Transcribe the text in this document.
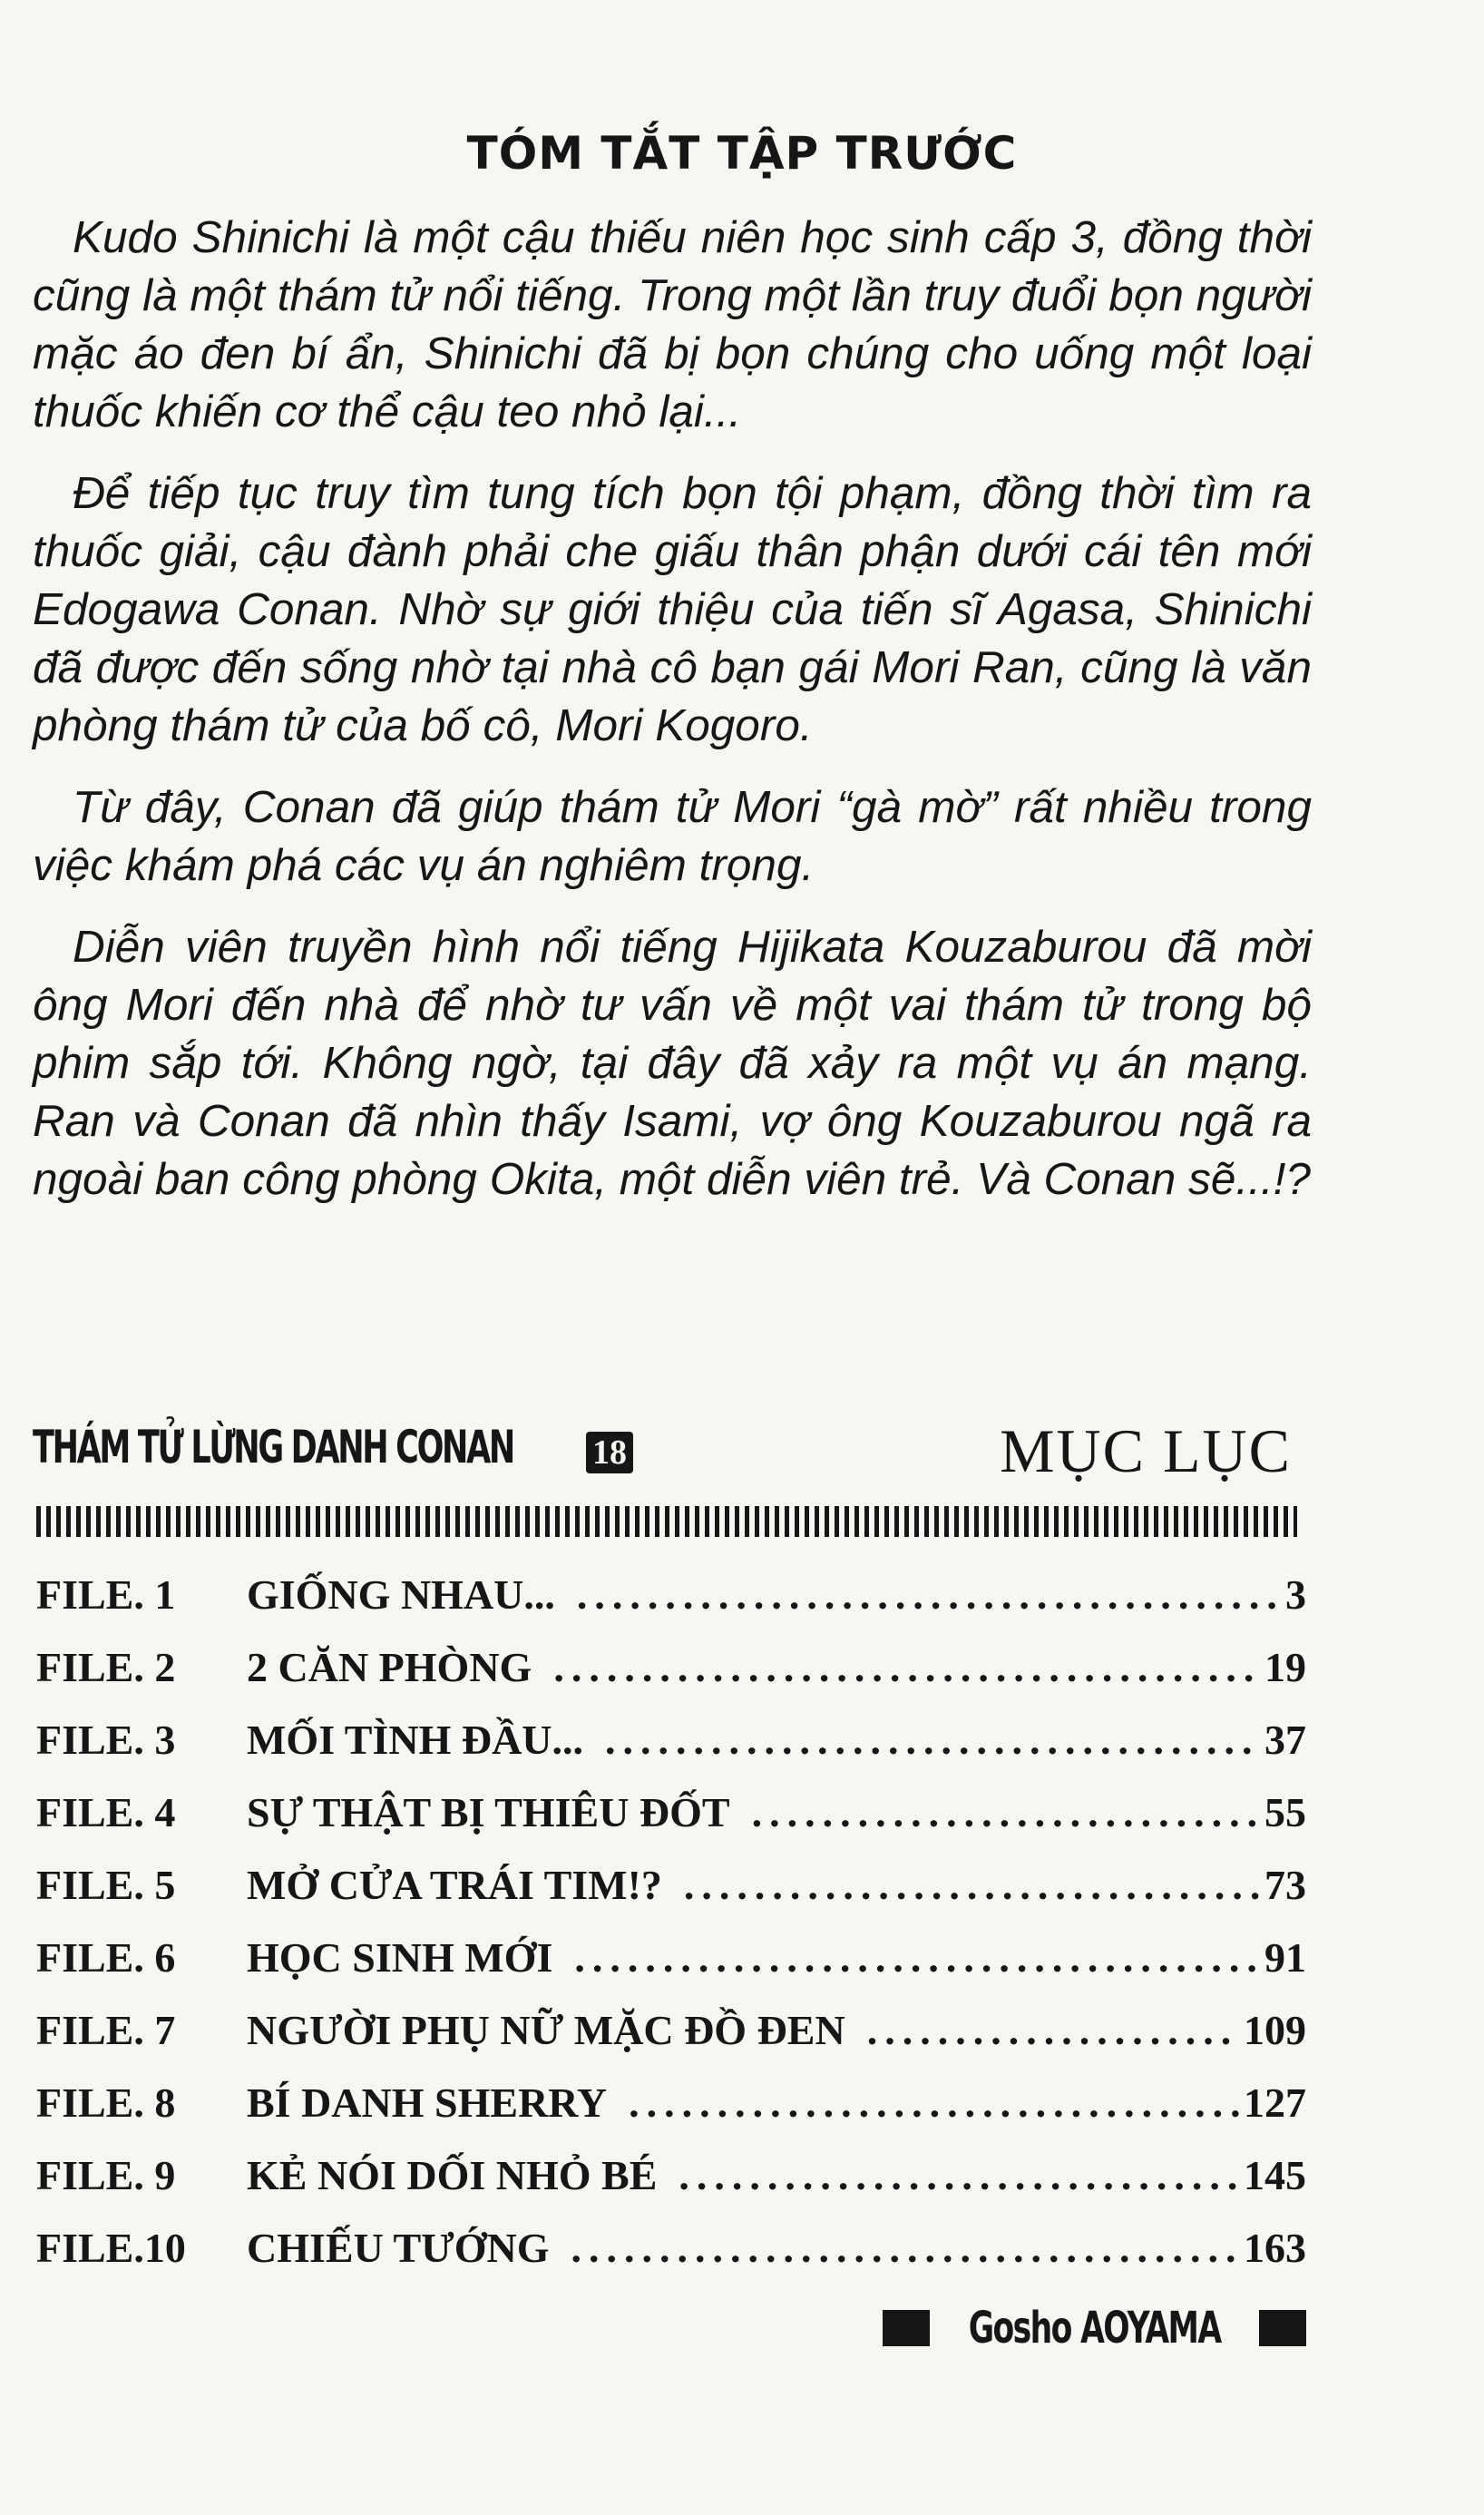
TÓM TẮT TẬP TRƯỚC

Kudo Shinichi là một cậu thiếu niên học sinh cấp 3, đồng thời cũng là một thám tử nổi tiếng. Trong một lần truy đuổi bọn người mặc áo đen bí ẩn, Shinichi đã bị bọn chúng cho uống một loại thuốc khiến cơ thể cậu teo nhỏ lại...

Để tiếp tục truy tìm tung tích bọn tội phạm, đồng thời tìm ra thuốc giải, cậu đành phải che giấu thân phận dưới cái tên mới Edogawa Conan. Nhờ sự giới thiệu của tiến sĩ Agasa, Shinichi đã được đến sống nhờ tại nhà cô bạn gái Mori Ran, cũng là văn phòng thám tử của bố cô, Mori Kogoro.

Từ đây, Conan đã giúp thám tử Mori “gà mờ” rất nhiều trong việc khám phá các vụ án nghiêm trọng.

Diễn viên truyền hình nổi tiếng Hijikata Kouzaburou đã mời ông Mori đến nhà để nhờ tư vấn về một vai thám tử trong bộ phim sắp tới. Không ngờ, tại đây đã xảy ra một vụ án mạng. Ran và Conan đã nhìn thấy Isami, vợ ông Kouzaburou ngã ra ngoài ban công phòng Okita, một diễn viên trẻ. Và Conan sẽ...!?

THÁM TỬ LỪNG DANH CONAN 18	MỤC LỤC
FILE. 1	GIỐNG NHAU... .....	3
FILE. 2	2 CĂN PHÒNG .....	19
FILE. 3	MỐI TÌNH ĐẦU... .....	37
FILE. 4	SỰ THẬT BỊ THIÊU ĐỐT .....	55
FILE. 5	MỞ CỬA TRÁI TIM!? .....	73
FILE. 6	HỌC SINH MỚI .....	91
FILE. 7	NGƯỜI PHỤ NỮ MẶC ĐỒ ĐEN .....	109
FILE. 8	BÍ DANH SHERRY .....	127
FILE. 9	KẺ NÓI DỐI NHỎ BÉ .....	145
FILE.10	CHIẾU TƯỚNG .....	163
Gosho AOYAMA
